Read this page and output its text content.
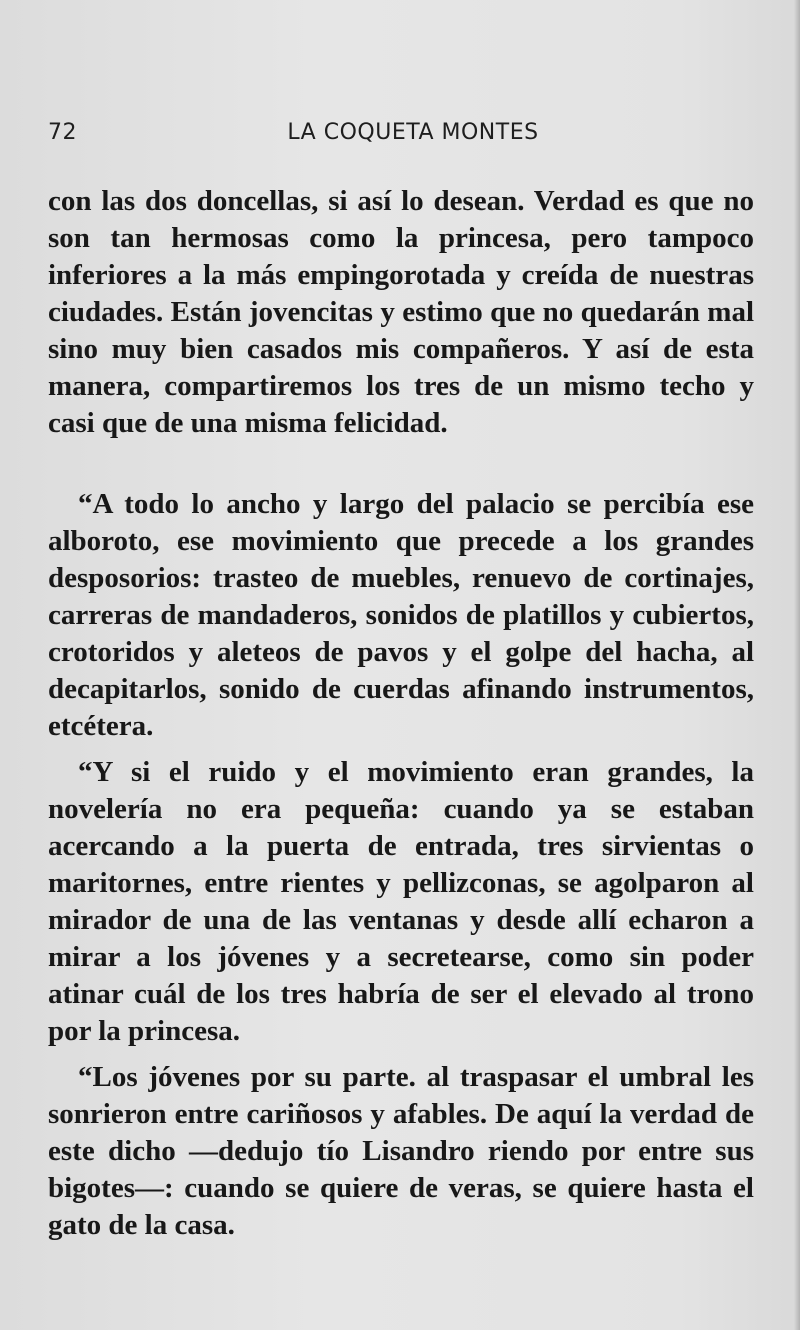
72	LA COQUETA MONTES

con las dos doncellas, si así lo desean. Verdad es que no son tan hermosas como la princesa, pero tampoco inferiores a la más empingorotada y creída de nuestras ciudades. Están jovencitas y estimo que no quedarán mal sino muy bien casados mis compañeros. Y así de esta manera, compartiremos los tres de un mismo techo y casi que de una misma felicidad.

“A todo lo ancho y largo del palacio se percibía ese alboroto, ese movimiento que precede a los grandes desposorios: trasteo de muebles, renuevo de cortinajes, carreras de mandaderos, sonidos de platillos y cubiertos, crotoridos y aleteos de pavos y el golpe del hacha, al decapitarlos, sonido de cuerdas afinando instrumentos, etcétera.

“Y si el ruido y el movimiento eran grandes, la novelería no era pequeña: cuando ya se estaban acercando a la puerta de entrada, tres sirvientas o maritornes, entre rientes y pellizconas, se agolparon al mirador de una de las ventanas y desde allí echaron a mirar a los jóvenes y a secretearse, como sin poder atinar cuál de los tres habría de ser el elevado al trono por la princesa.

“Los jóvenes por su parte. al traspasar el umbral les sonrieron entre cariñosos y afables. De aquí la verdad de este dicho —dedujo tío Lisandro riendo por entre sus bigotes—: cuando se quiere de veras, se quiere hasta el gato de la casa.
